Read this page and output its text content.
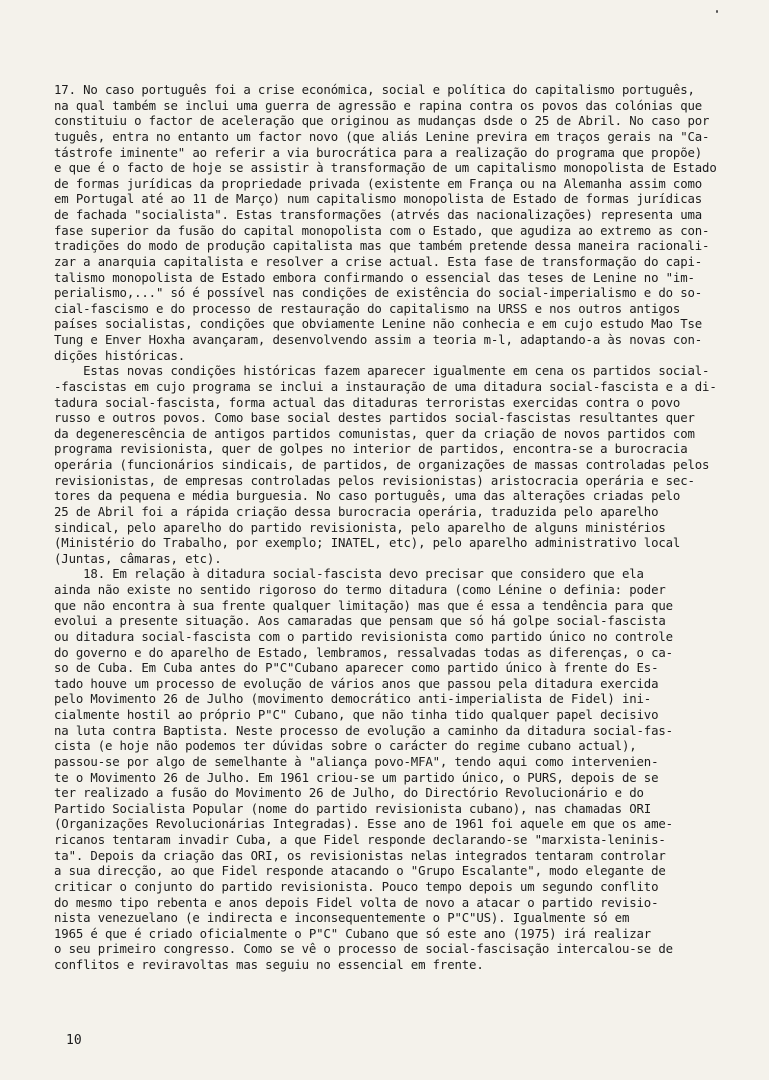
17. No caso português foi a crise económica, social e política do capitalismo português,
na qual também se inclui uma guerra de agressão e rapina contra os povos das colónias que
constituiu o factor de aceleração que originou as mudanças dsde o 25 de Abril. No caso por
tuguês, entra no entanto um factor novo (que aliás Lenine previra em traços gerais na "Ca-
tástrofe iminente" ao referir a via burocrática para a realização do programa que propõe)
e que é o facto de hoje se assistir à transformação de um capitalismo monopolista de Estado
de formas jurídicas da propriedade privada (existente em França ou na Alemanha assim como
em Portugal até ao 11 de Março) num capitalismo monopolista de Estado de formas jurídicas
de fachada "socialista". Estas transformações (atrvés das nacionalizações) representa uma
fase superior da fusão do capital monopolista com o Estado, que agudiza ao extremo as con-
tradições do modo de produção capitalista mas que também pretende dessa maneira racionali-
zar a anarquia capitalista e resolver a crise actual. Esta fase de transformação do capi-
talismo monopolista de Estado embora confirmando o essencial das teses de Lenine no "im-
perialismo,..." só é possível nas condições de existência do social-imperialismo e do so-
cial-fascismo e do processo de restauração do capitalismo na URSS e nos outros antigos
países socialistas, condições que obviamente Lenine não conhecia e em cujo estudo Mao Tse
Tung e Enver Hoxha avançaram, desenvolvendo assim a teoria m-l, adaptando-a às novas con-
dições históricas.
Estas novas condições históricas fazem aparecer igualmente em cena os partidos social-
-fascistas em cujo programa se inclui a instauração de uma ditadura social-fascista e a di-
tadura social-fascista, forma actual das ditaduras terroristas exercidas contra o povo
russo e outros povos. Como base social destes partidos social-fascistas resultantes quer
da degenerescência de antigos partidos comunistas, quer da criação de novos partidos com
programa revisionista, quer de golpes no interior de partidos, encontra-se a burocracia
operária (funcionários sindicais, de partidos, de organizações de massas controladas pelos
revisionistas, de empresas controladas pelos revisionistas) aristocracia operária e sec-
tores da pequena e média burguesia. No caso português, uma das alterações criadas pelo
25 de Abril foi a rápida criação dessa burocracia operária, traduzida pelo aparelho
sindical, pelo aparelho do partido revisionista, pelo aparelho de alguns ministérios
(Ministério do Trabalho, por exemplo; INATEL, etc), pelo aparelho administrativo local
(Juntas, câmaras, etc).
18. Em relação à ditadura social-fascista devo precisar que considero que ela
ainda não existe no sentido rigoroso do termo ditadura (como Lénine o definia: poder
que não encontra à sua frente qualquer limitação) mas que é essa a tendência para que
evolui a presente situação. Aos camaradas que pensam que só há golpe social-fascista
ou ditadura social-fascista com o partido revisionista como partido único no controle
do governo e do aparelho de Estado, lembramos, ressalvadas todas as diferenças, o ca-
so de Cuba. Em Cuba antes do P"C"Cubano aparecer como partido único à frente do Es-
tado houve um processo de evolução de vários anos que passou pela ditadura exercida
pelo Movimento 26 de Julho (movimento democrático anti-imperialista de Fidel) ini-
cialmente hostil ao próprio P"C" Cubano, que não tinha tido qualquer papel decisivo
na luta contra Baptista. Neste processo de evolução a caminho da ditadura social-fas-
cista (e hoje não podemos ter dúvidas sobre o carácter do regime cubano actual),
passou-se por algo de semelhante à "aliança povo-MFA", tendo aqui como intervenien-
te o Movimento 26 de Julho. Em 1961 criou-se um partido único, o PURS, depois de se
ter realizado a fusão do Movimento 26 de Julho, do Directório Revolucionário e do
Partido Socialista Popular (nome do partido revisionista cubano), nas chamadas ORI
(Organizações Revolucionárias Integradas). Esse ano de 1961 foi aquele em que os ame-
ricanos tentaram invadir Cuba, a que Fidel responde declarando-se "marxista-leninis-
ta". Depois da criação das ORI, os revisionistas nelas integrados tentaram controlar
a sua direcção, ao que Fidel responde atacando o "Grupo Escalante", modo elegante de
criticar o conjunto do partido revisionista. Pouco tempo depois um segundo conflito
do mesmo tipo rebenta e anos depois Fidel volta de novo a atacar o partido revisio-
nista venezuelano (e indirecta e inconsequentemente o P"C"US). Igualmente só em
1965 é que é criado oficialmente o P"C" Cubano que só este ano (1975) irá realizar
o seu primeiro congresso. Como se vê o processo de social-fascisação intercalou-se de
conflitos e reviravoltas mas seguiu no essencial em frente.
10
